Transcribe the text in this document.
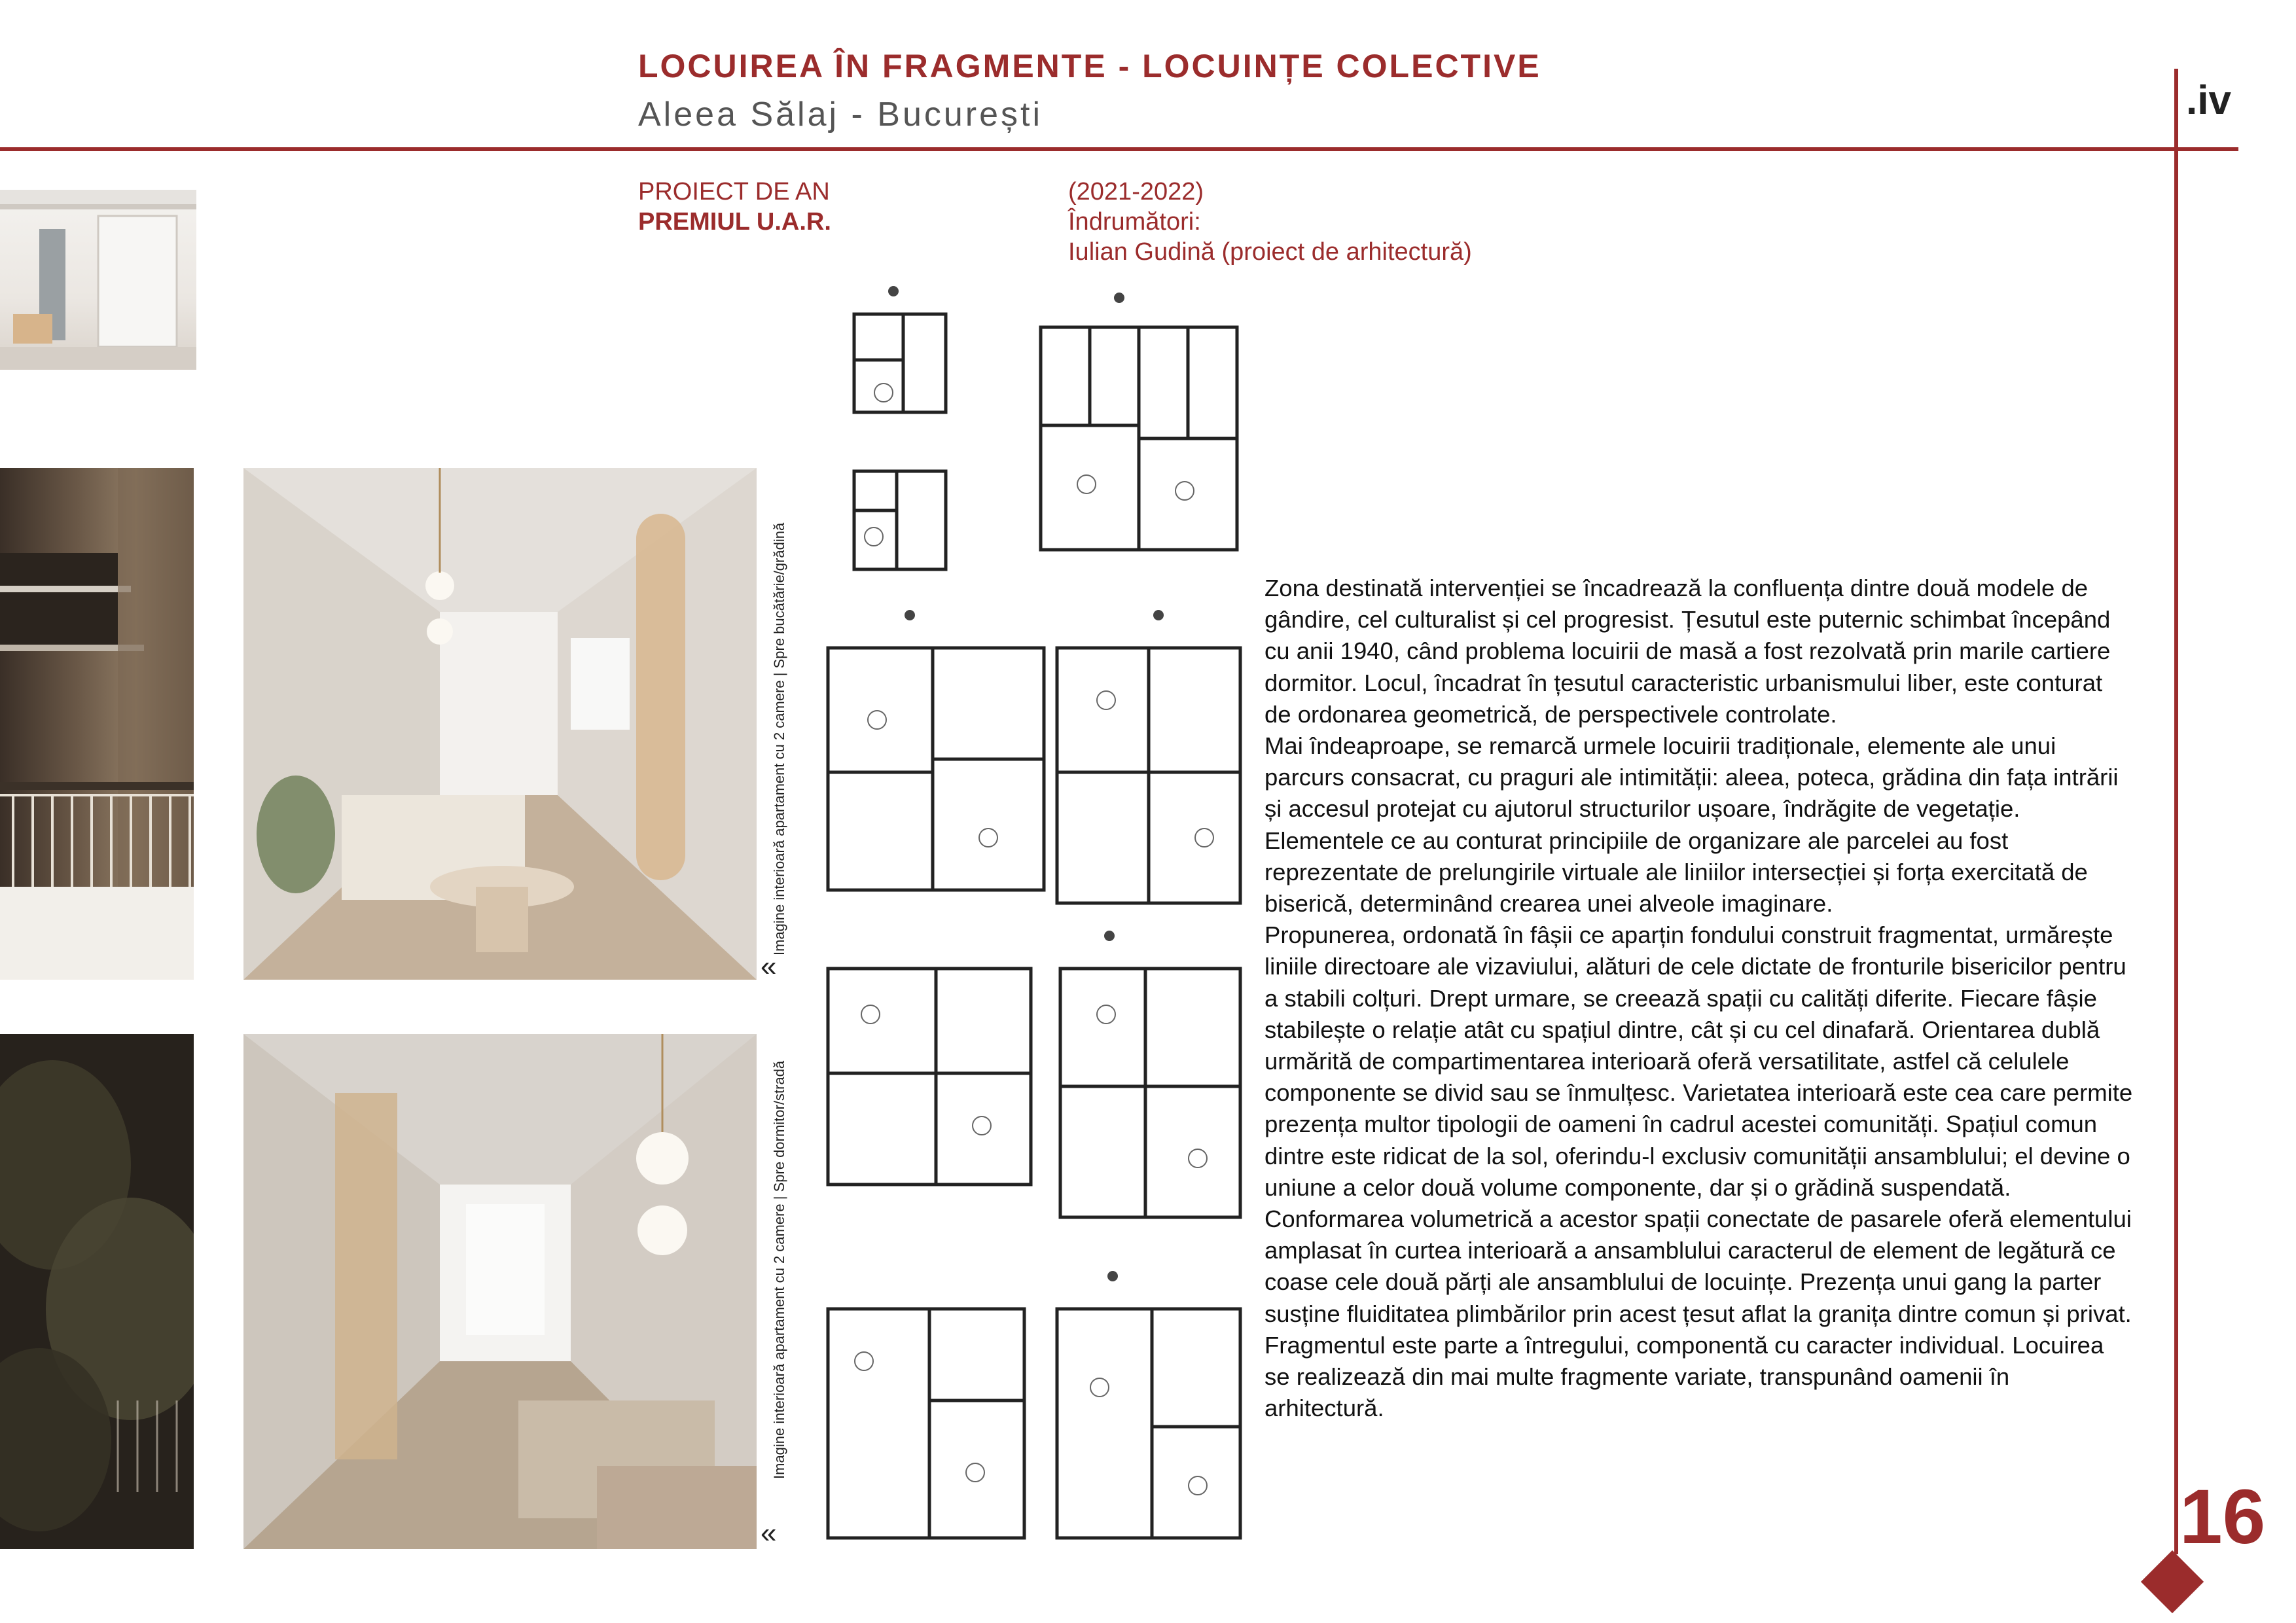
LOCUIREA ÎN FRAGMENTE - LOCUINȚE COLECTIVE
Aleea Sălaj - București	.iv
PROIECT DE AN
PREMIUL U.A.R.
(2021-2022)
Îndrumători:
Iulian Gudină (proiect de arhitectură)
Imagine interioară apartament cu 2 camere | Spre bucătărie/grădină
Imagine interioară apartament cu 2 camere | Spre dormitor/stradă
«
«

Zona destinată intervenției se încadrează la confluența dintre două modele de gândire, cel culturalist și cel progresist. Țesutul este puternic schimbat începând cu anii 1940, când problema locuirii de masă a fost rezolvată prin marile cartiere dormitor. Locul, încadrat în țesutul caracteristic urbanismului liber, este conturat de ordonarea geometrică, de perspectivele controlate.

Mai îndeaproape, se remarcă urmele locuirii tradiționale, elemente ale unui parcurs consacrat, cu praguri ale intimității: aleea, poteca, grădina din fața intrării și accesul protejat cu ajutorul structurilor ușoare, îndrăgite de vegetație.

Elementele ce au conturat principiile de organizare ale parcelei au fost reprezentate de prelungirile virtuale ale liniilor intersecției și forța exercitată de biserică, determinând crearea unei alveole imaginare.

Propunerea, ordonată în fâșii ce aparțin fondului construit fragmentat, urmărește liniile directoare ale vizaviului, alături de cele dictate de fronturile bisericilor pentru a stabili colțuri. Drept urmare, se creează spații cu calități diferite. Fiecare fâșie stabilește o relație atât cu spațiul dintre, cât și cu cel dinafară. Orientarea dublă urmărită de compartimentarea interioară oferă versatilitate, astfel că celulele componente se divid sau se înmulțesc. Varietatea interioară este cea care permite prezența multor tipologii de oameni în cadrul acestei comunități. Spațiul comun dintre este ridicat de la sol, oferindu-l exclusiv comunității ansamblului; el devine o uniune a celor două volume componente, dar și o grădină suspendată. Conformarea volumetrică a acestor spații conectate de pasarele oferă elementului amplasat în curtea interioară a ansamblului caracterul de element de legătură ce coase cele două părți ale ansamblului de locuințe. Prezența unui gang la parter susține fluiditatea plimbărilor prin acest țesut aflat la granița dintre comun și privat.

Fragmentul este parte a întregului, componentă cu caracter individual. Locuirea se realizează din mai multe fragmente variate, transpunând oamenii în arhitectură.

16
